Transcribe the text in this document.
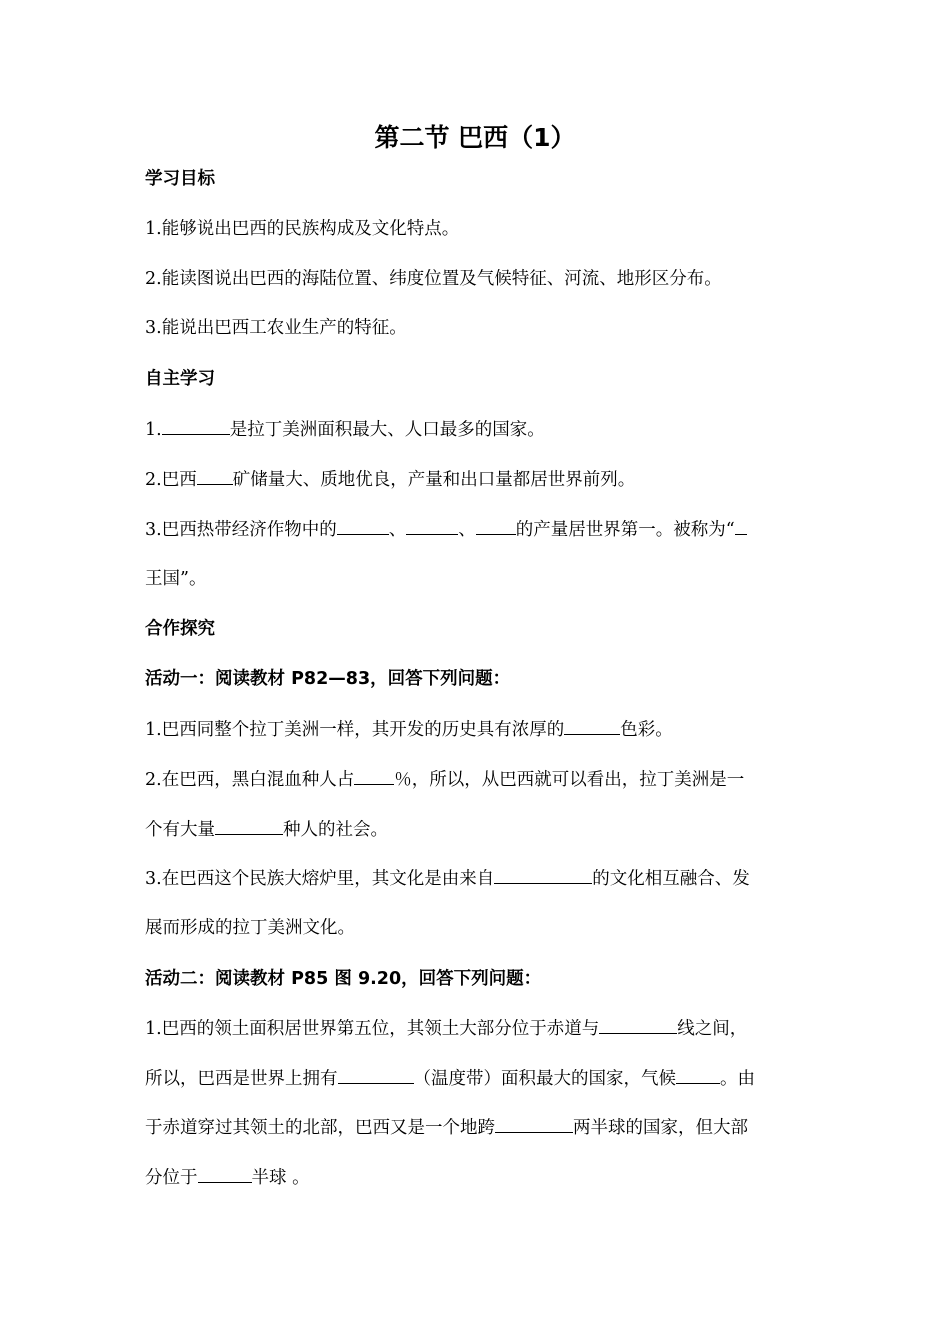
第二节 巴西（1）
学习目标
1.能够说出巴西的民族构成及文化特点。
2.能读图说出巴西的海陆位置、纬度位置及气候特征、河流、地形区分布。
3.能说出巴西工农业生产的特征。
自主学习
1.	是拉丁美洲面积最大、人口最多的国家。
2.巴西 矿储量大、质地优良，产量和出口量都居世界前列。
3.巴西热带经济作物中的	、	、 的产量居世界第一。被称为“
王国”。
合作探究
活动一：阅读教材 P82—83，回答下列问题：
1.巴西同整个拉丁美洲一样，其开发的历史具有浓厚的	色彩。
2.在巴西，黑白混血种人占 ％，所以，从巴西就可以看出，拉丁美洲是一
个有大量	种人的社会。
3.在巴西这个民族大熔炉里，其文化是由来自	的文化相互融合、发
展而形成的拉丁美洲文化。
活动二：阅读教材 P85 图 9.20，回答下列问题：
1.巴西的领土面积居世界第五位，其领土大部分位于赤道与	线之间，
所以，巴西是世界上拥有	（温度带）面积最大的国家，气候	。由
于赤道穿过其领土的北部，巴西又是一个地跨	两半球的国家，但大部
分位于	半球 。
